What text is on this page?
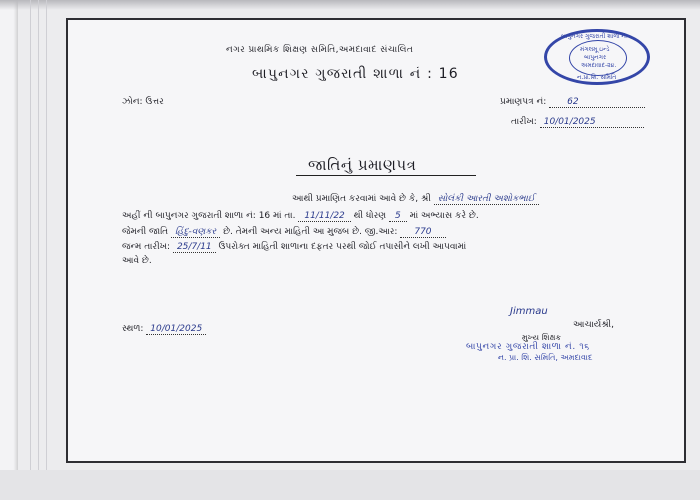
નગર પ્રાથમિક શિક્ષણ સમિતિ,અમદાવાદ સંચાલિત
બાપુનગર ગુજરાતી શાળા નં : 16
બાપુનગર ગુજરાતી શાળા નં.
મંગલમૂ ઇન્ડે
બાપુનગર
અમદાવાદ-૨૪.
ન.પ્રા.શિ. સમિતિ
ઝોન: ઉત્તર	પ્રમાણપત્ર નં: 62
તારીખ: 10/01/2025
જાતિનું પ્રમાણપત્ર
આથી પ્રમાણિત કરવામાં આવે છે કે, શ્રી સોલંકી આરતી અશોકભાઈ
અહીં ની બાપુનગર ગુજરાતી શાળા નં: 16 માં તા. 11/11/22 થી ધોરણ 5 માં અભ્યાસ કરે છે.
જેમની જાતિ હિંદુ-વણકર છે. તેમની અન્ય માહિતી આ મુજબ છે. જી.આર: 770
જન્મ તારીખ: 25/7/11 ઉપરોક્ત માહિતી શાળાના દફતર પરથી જોઈ તપાસીને લખી આપવામાં
આવે છે.
સ્થળ: 10/01/2025
Jimmau
આચાર્યશ્રી,
મુખ્ય શિક્ષક
બાપુનગર ગુજરાતી શાળા નં. ૧૬
ન. પ્રા. શિ. સમિતિ, અમદાવાદ
